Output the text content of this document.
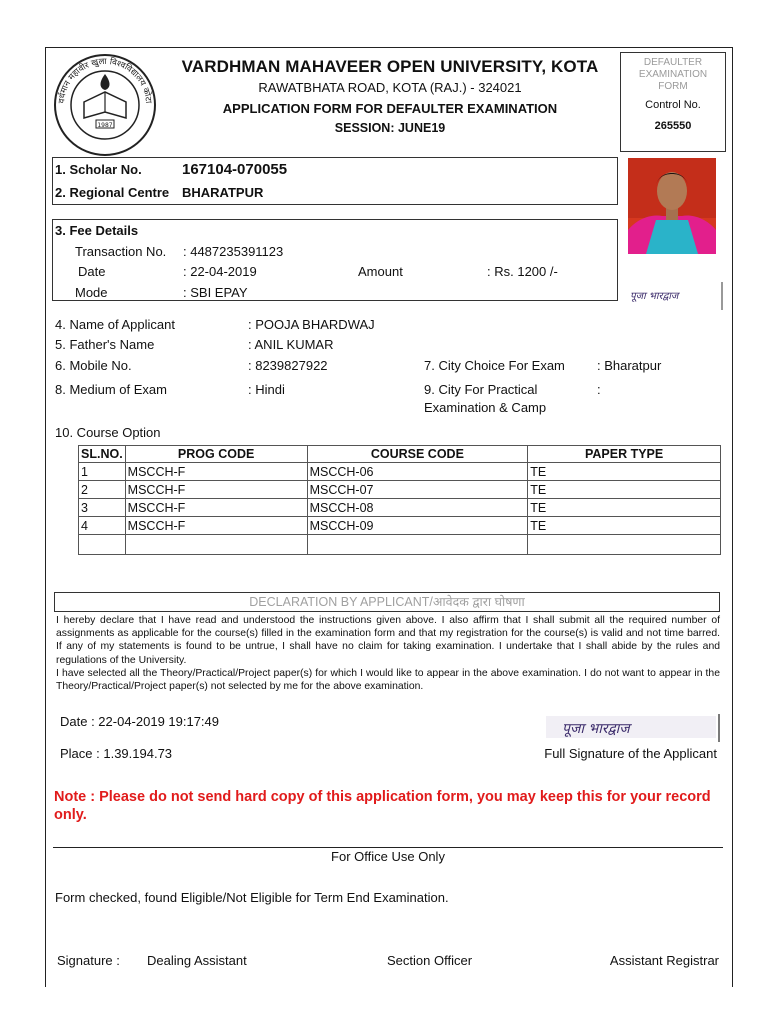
वर्धमान महावीर खुला विश्वविद्यालय कोटा
1987
VARDHMAN MAHAVEER OPEN UNIVERSITY, KOTA
RAWATBHATA ROAD, KOTA (RAJ.) - 324021
APPLICATION FORM FOR DEFAULTER EXAMINATION
SESSION: JUNE19
DEFAULTER EXAMINATION FORM
Control No.
265550
1. Scholar No.	167104-070055
2. Regional Centre BHARATPUR
3. Fee Details
Transaction No. : 4487235391123
Date	: 22-04-2019	Amount	: Rs. 1200 /-
Mode	: SBI EPAY	पूजा भारद्वाज
4. Name of Applicant	: POOJA BHARDWAJ
5. Father's Name	: ANIL KUMAR
6. Mobile No.	: 8239827922	7. City Choice For Exam : Bharatpur
8. Medium of Exam	: Hindi	9. City For Practical
Examination & Camp
:
10. Course Option
SL.NO.	PROG CODE	COURSE CODE	PAPER TYPE
1	MSCCH-F	MSCCH-06	TE
2	MSCCH-F	MSCCH-07	TE
3	MSCCH-F	MSCCH-08	TE
4	MSCCH-F	MSCCH-09	TE

DECLARATION BY APPLICANT/आवेदक द्वारा घोषणा
I hereby declare that I have read and understood the instructions given above. I also affirm that I shall submit all the required number of assignments as applicable for the course(s) filled in the examination form and that my registration for the course(s) is valid and not time barred. If any of my statements is found to be untrue, I shall have no claim for taking examination. I undertake that I shall abide by the rules and regulations of the University.
I have selected all the Theory/Practical/Project paper(s) for which I would like to appear in the above examination. I do not want to appear in the Theory/Practical/Project paper(s) not selected by me for the above examination.
Date : 22-04-2019 19:17:49	पूजा भारद्वाज
Place : 1.39.194.73	Full Signature of the Applicant
Note : Please do not send hard copy of this application form, you may keep this for your record only.
For Office Use Only
Form checked, found Eligible/Not Eligible for Term End Examination.
Signature : Dealing Assistant	Section Officer	Assistant Registrar
